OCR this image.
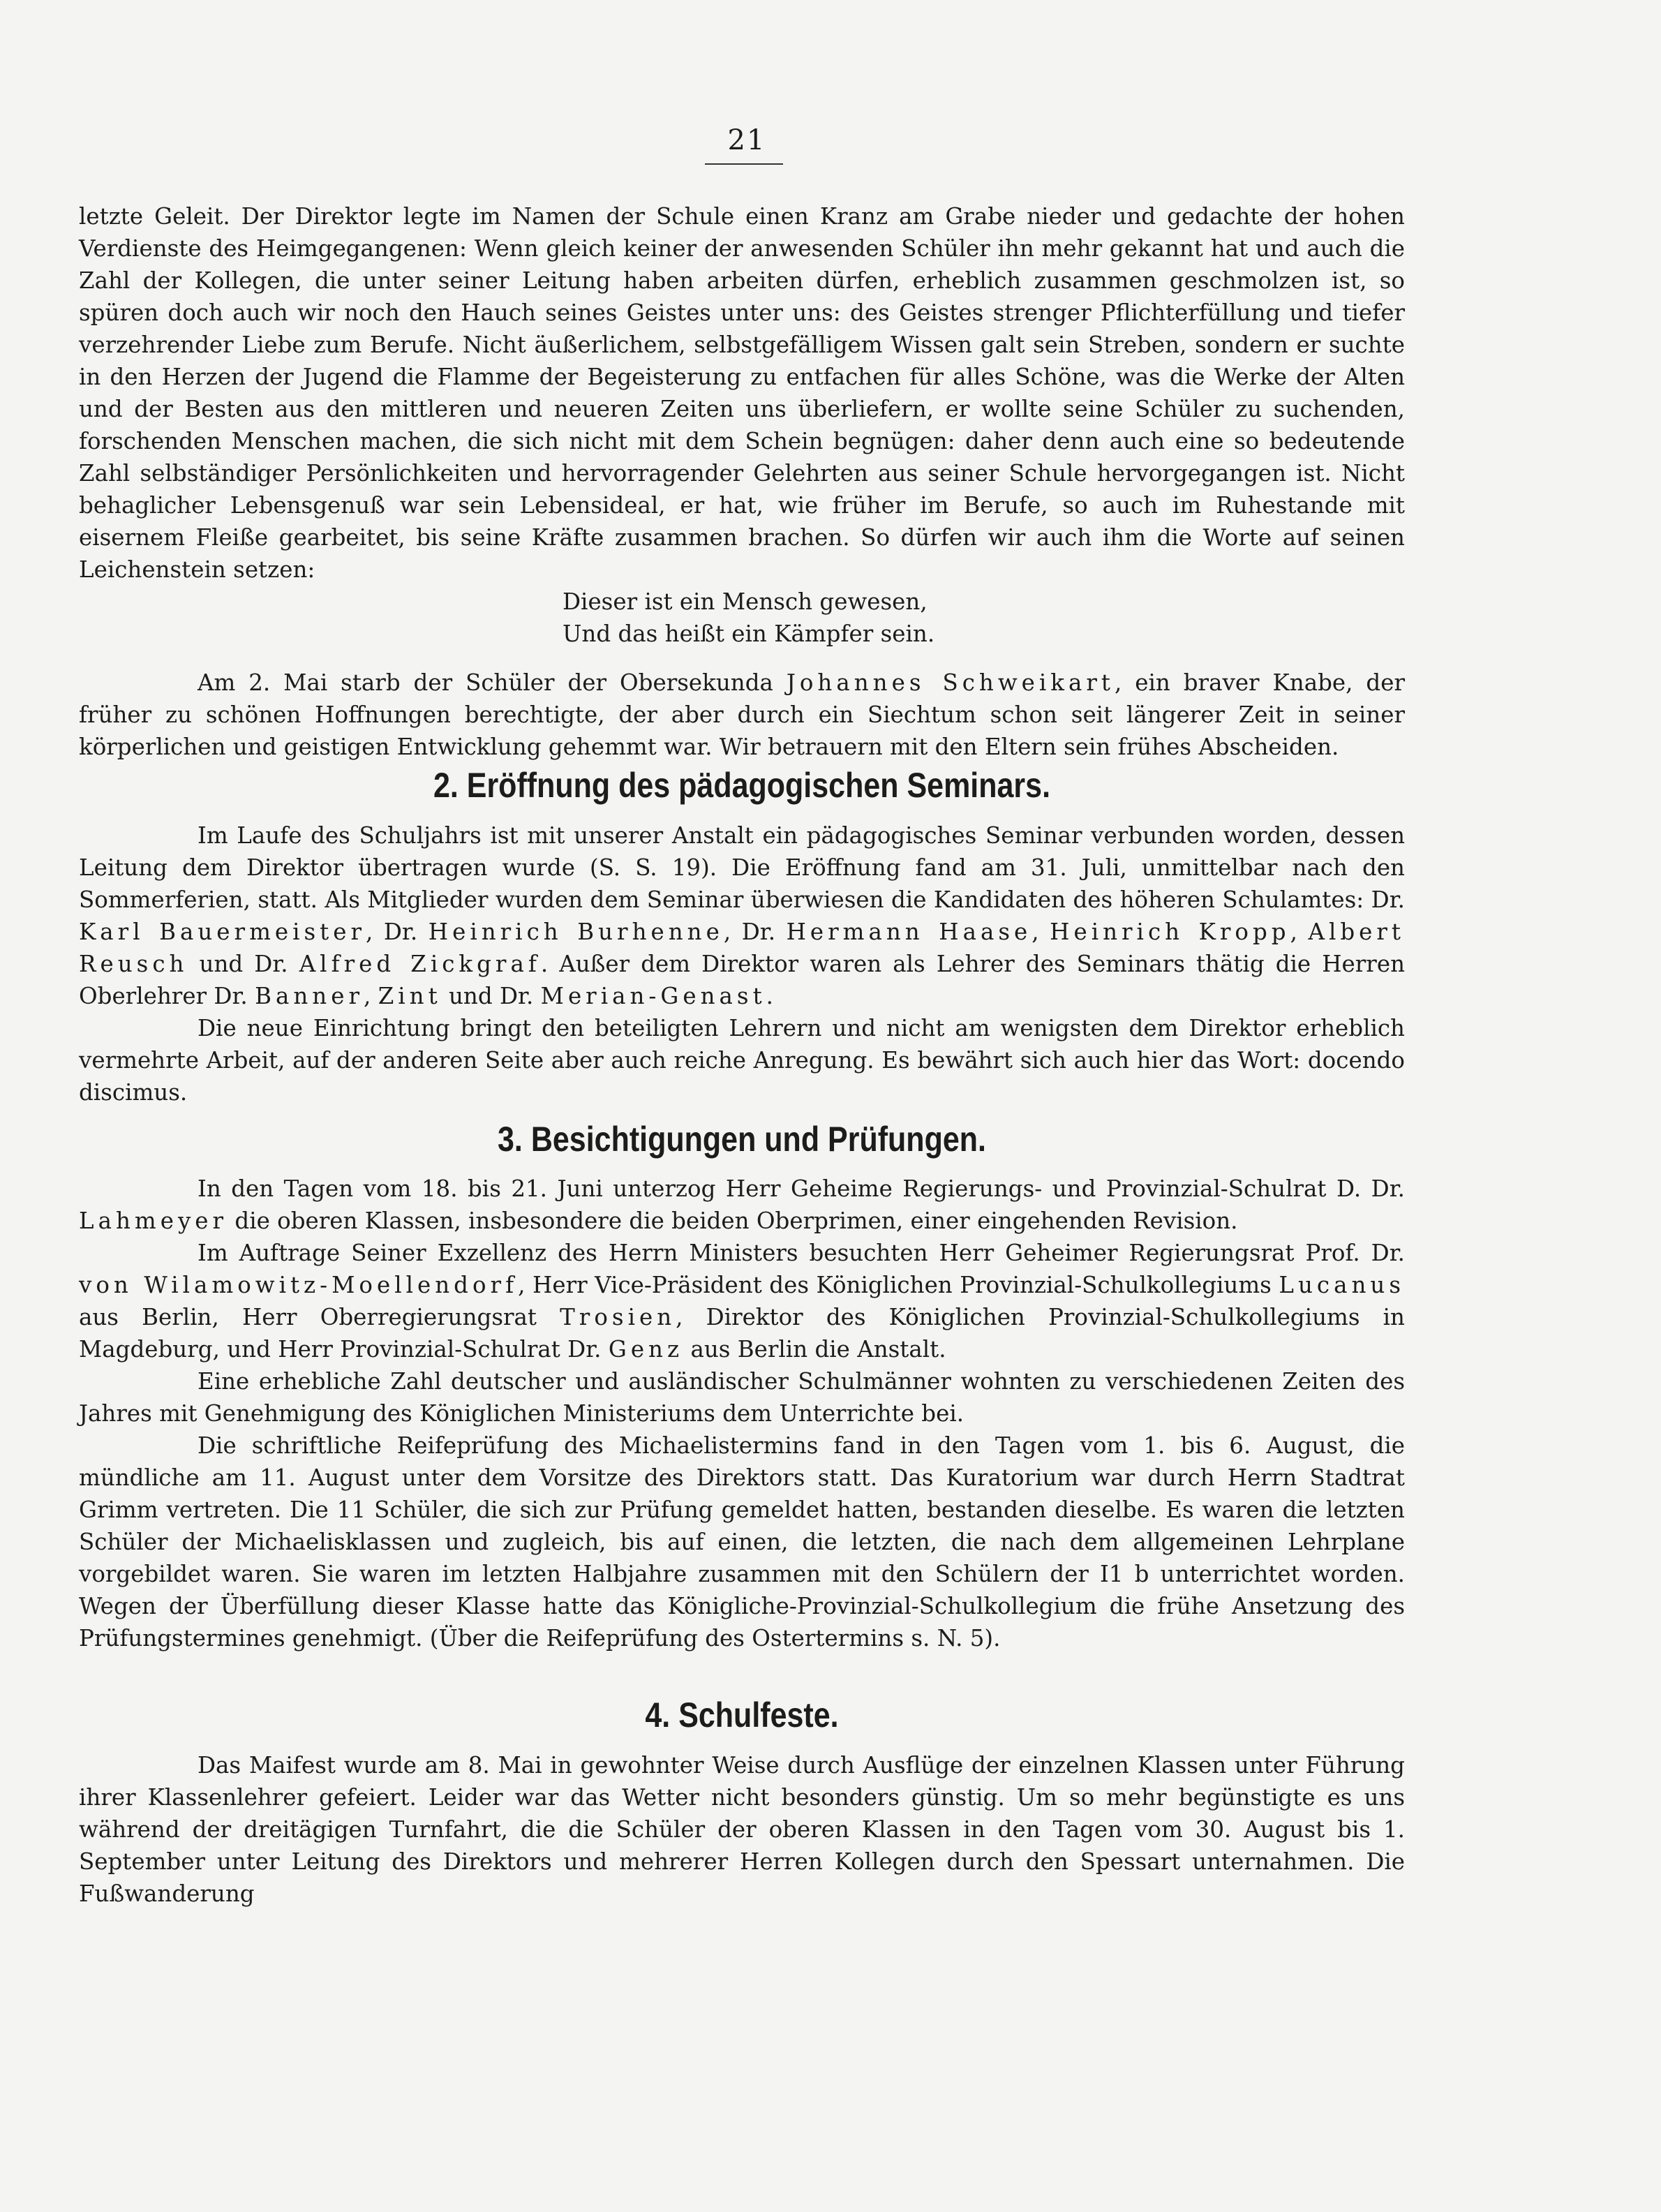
21

letzte Geleit. Der Direktor legte im Namen der Schule einen Kranz am Grabe nieder und gedachte der hohen Verdienste des Heimgegangenen: Wenn gleich keiner der anwesenden Schüler ihn mehr gekannt hat und auch die Zahl der Kollegen, die unter seiner Leitung haben arbeiten dürfen, erheblich zusammen geschmolzen ist, so spüren doch auch wir noch den Hauch seines Geistes unter uns: des Geistes strenger Pflichterfüllung und tiefer verzehrender Liebe zum Berufe. Nicht äußerlichem, selbstgefälligem Wissen galt sein Streben, sondern er suchte in den Herzen der Jugend die Flamme der Begeisterung zu entfachen für alles Schöne, was die Werke der Alten und der Besten aus den mittleren und neueren Zeiten uns überliefern, er wollte seine Schüler zu suchenden, forschenden Menschen machen, die sich nicht mit dem Schein begnügen: daher denn auch eine so bedeutende Zahl selbständiger Persönlichkeiten und hervorragender Gelehrten aus seiner Schule hervorgegangen ist. Nicht behaglicher Lebensgenuß war sein Lebensideal, er hat, wie früher im Berufe, so auch im Ruhestande mit eisernem Fleiße gearbeitet, bis seine Kräfte zusammen brachen. So dürfen wir auch ihm die Worte auf seinen Leichenstein setzen:

Dieser ist ein Mensch gewesen,

Und das heißt ein Kämpfer sein.

Am 2. Mai starb der Schüler der Obersekunda Johannes Schweikart, ein braver Knabe, der früher zu schönen Hoffnungen berechtigte, der aber durch ein Siechtum schon seit längerer Zeit in seiner körperlichen und geistigen Entwicklung gehemmt war. Wir betrauern mit den Eltern sein frühes Abscheiden.

2. Eröffnung des pädagogischen Seminars.

Im Laufe des Schuljahrs ist mit unserer Anstalt ein pädagogisches Seminar verbunden worden, dessen Leitung dem Direktor übertragen wurde (S. S. 19). Die Eröffnung fand am 31. Juli, unmittelbar nach den Sommerferien, statt. Als Mitglieder wurden dem Seminar überwiesen die Kandidaten des höheren Schulamtes: Dr. Karl Bauermeister, Dr. Heinrich Burhenne, Dr. Hermann Haase, Heinrich Kropp, Albert Reusch und Dr. Alfred Zickgraf. Außer dem Direktor waren als Lehrer des Seminars thätig die Herren Oberlehrer Dr. Banner, Zint und Dr. Merian-Genast.

Die neue Einrichtung bringt den beteiligten Lehrern und nicht am wenigsten dem Direktor erheblich vermehrte Arbeit, auf der anderen Seite aber auch reiche Anregung. Es bewährt sich auch hier das Wort: docendo discimus.

3. Besichtigungen und Prüfungen.

In den Tagen vom 18. bis 21. Juni unterzog Herr Geheime Regierungs- und Provinzial-Schulrat D. Dr. Lahmeyer die oberen Klassen, insbesondere die beiden Oberprimen, einer eingehenden Revision.

Im Auftrage Seiner Exzellenz des Herrn Ministers besuchten Herr Geheimer Regierungsrat Prof. Dr. von Wilamowitz-Moellendorf, Herr Vice-Präsident des Königlichen Provinzial-Schulkollegiums Lucanus aus Berlin, Herr Oberregierungsrat Trosien, Direktor des Königlichen Provinzial-Schulkollegiums in Magdeburg, und Herr Provinzial-Schulrat Dr. Genz aus Berlin die Anstalt.

Eine erhebliche Zahl deutscher und ausländischer Schulmänner wohnten zu verschiedenen Zeiten des Jahres mit Genehmigung des Königlichen Ministeriums dem Unterrichte bei.

Die schriftliche Reifeprüfung des Michaelistermins fand in den Tagen vom 1. bis 6. August, die mündliche am 11. August unter dem Vorsitze des Direktors statt. Das Kuratorium war durch Herrn Stadtrat Grimm vertreten. Die 11 Schüler, die sich zur Prüfung gemeldet hatten, bestanden dieselbe. Es waren die letzten Schüler der Michaelisklassen und zugleich, bis auf einen, die letzten, die nach dem allgemeinen Lehrplane vorgebildet waren. Sie waren im letzten Halbjahre zusammen mit den Schülern der I1 b unterrichtet worden. Wegen der Überfüllung dieser Klasse hatte das Königliche-Provinzial-Schulkollegium die frühe Ansetzung des Prüfungstermines genehmigt. (Über die Reifeprüfung des Ostertermins s. N. 5).

4. Schulfeste.

Das Maifest wurde am 8. Mai in gewohnter Weise durch Ausflüge der einzelnen Klassen unter Führung ihrer Klassenlehrer gefeiert. Leider war das Wetter nicht besonders günstig. Um so mehr begünstigte es uns während der dreitägigen Turnfahrt, die die Schüler der oberen Klassen in den Tagen vom 30. August bis 1. September unter Leitung des Direktors und mehrerer Herren Kollegen durch den Spessart unternahmen. Die Fußwanderung
